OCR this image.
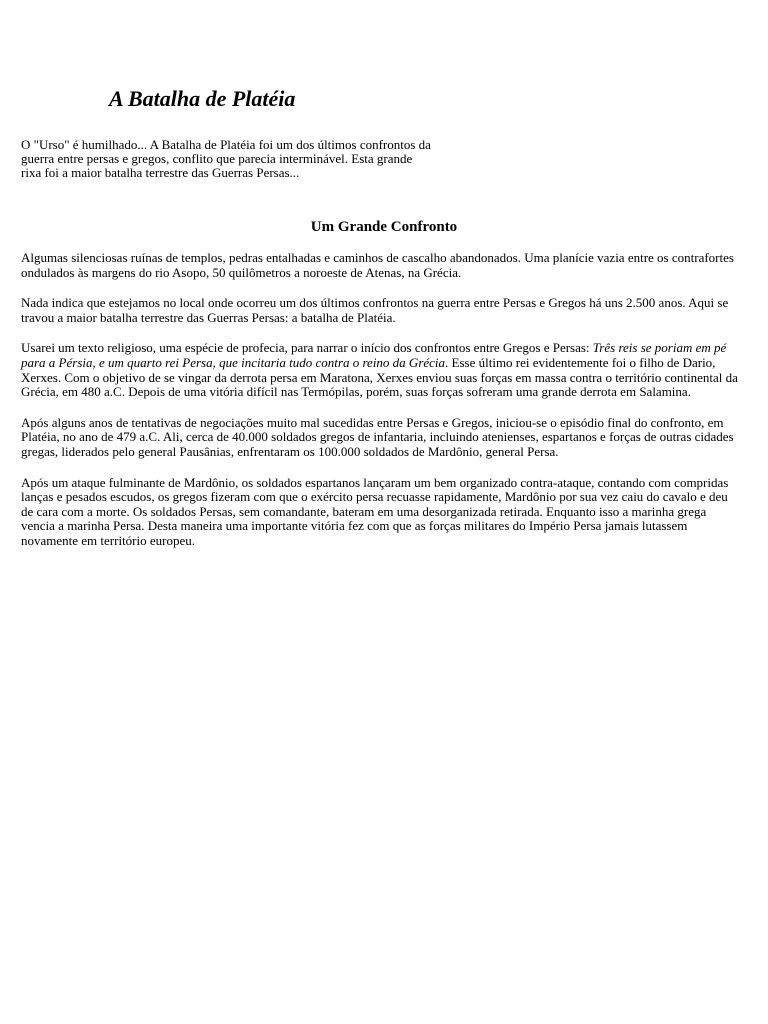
A Batalha de Platéia

O "Urso" é humilhado... A Batalha de Platéia foi um dos últimos confrontos da guerra entre persas e gregos, conflito que parecia interminável. Esta grande rixa foi a maior batalha terrestre das Guerras Persas...

Um Grande Confronto

Algumas silenciosas ruínas de templos, pedras entalhadas e caminhos de cascalho abandonados. Uma planície vazia entre os contrafortes ondulados às margens do rio Asopo, 50 quilômetros a noroeste de Atenas, na Grécia.

Nada indica que estejamos no local onde ocorreu um dos últimos confrontos na guerra entre Persas e Gregos há uns 2.500 anos. Aqui se travou a maior batalha terrestre das Guerras Persas: a batalha de Platéia.

Usarei um texto religioso, uma espécie de profecia, para narrar o início dos confrontos entre Gregos e Persas: Três reis se poriam em pé para a Pérsia, e um quarto rei Persa, que incitaria tudo contra o reino da Grécia. Esse último rei evidentemente foi o filho de Dario, Xerxes. Com o objetivo de se vingar da derrota persa em Maratona, Xerxes enviou suas forças em massa contra o território continental da Grécia, em 480 a.C. Depois de uma vitória difícil nas Termópilas, porém, suas forças sofreram uma grande derrota em Salamina.

Após alguns anos de tentativas de negociações muito mal sucedidas entre Persas e Gregos, iniciou-se o episódio final do confronto, em Platéia, no ano de 479 a.C. Ali, cerca de 40.000 soldados gregos de infantaria, incluindo atenienses, espartanos e forças de outras cidades gregas, liderados pelo general Pausânias, enfrentaram os 100.000 soldados de Mardônio, general Persa.

Após um ataque fulminante de Mardônio, os soldados espartanos lançaram um bem organizado contra-ataque, contando com compridas lanças e pesados escudos, os gregos fizeram com que o exército persa recuasse rapidamente, Mardônio por sua vez caiu do cavalo e deu de cara com a morte. Os soldados Persas, sem comandante, bateram em uma desorganizada retirada. Enquanto isso a marinha grega vencia a marinha Persa. Desta maneira uma importante vitória fez com que as forças militares do Império Persa jamais lutassem novamente em território europeu.
